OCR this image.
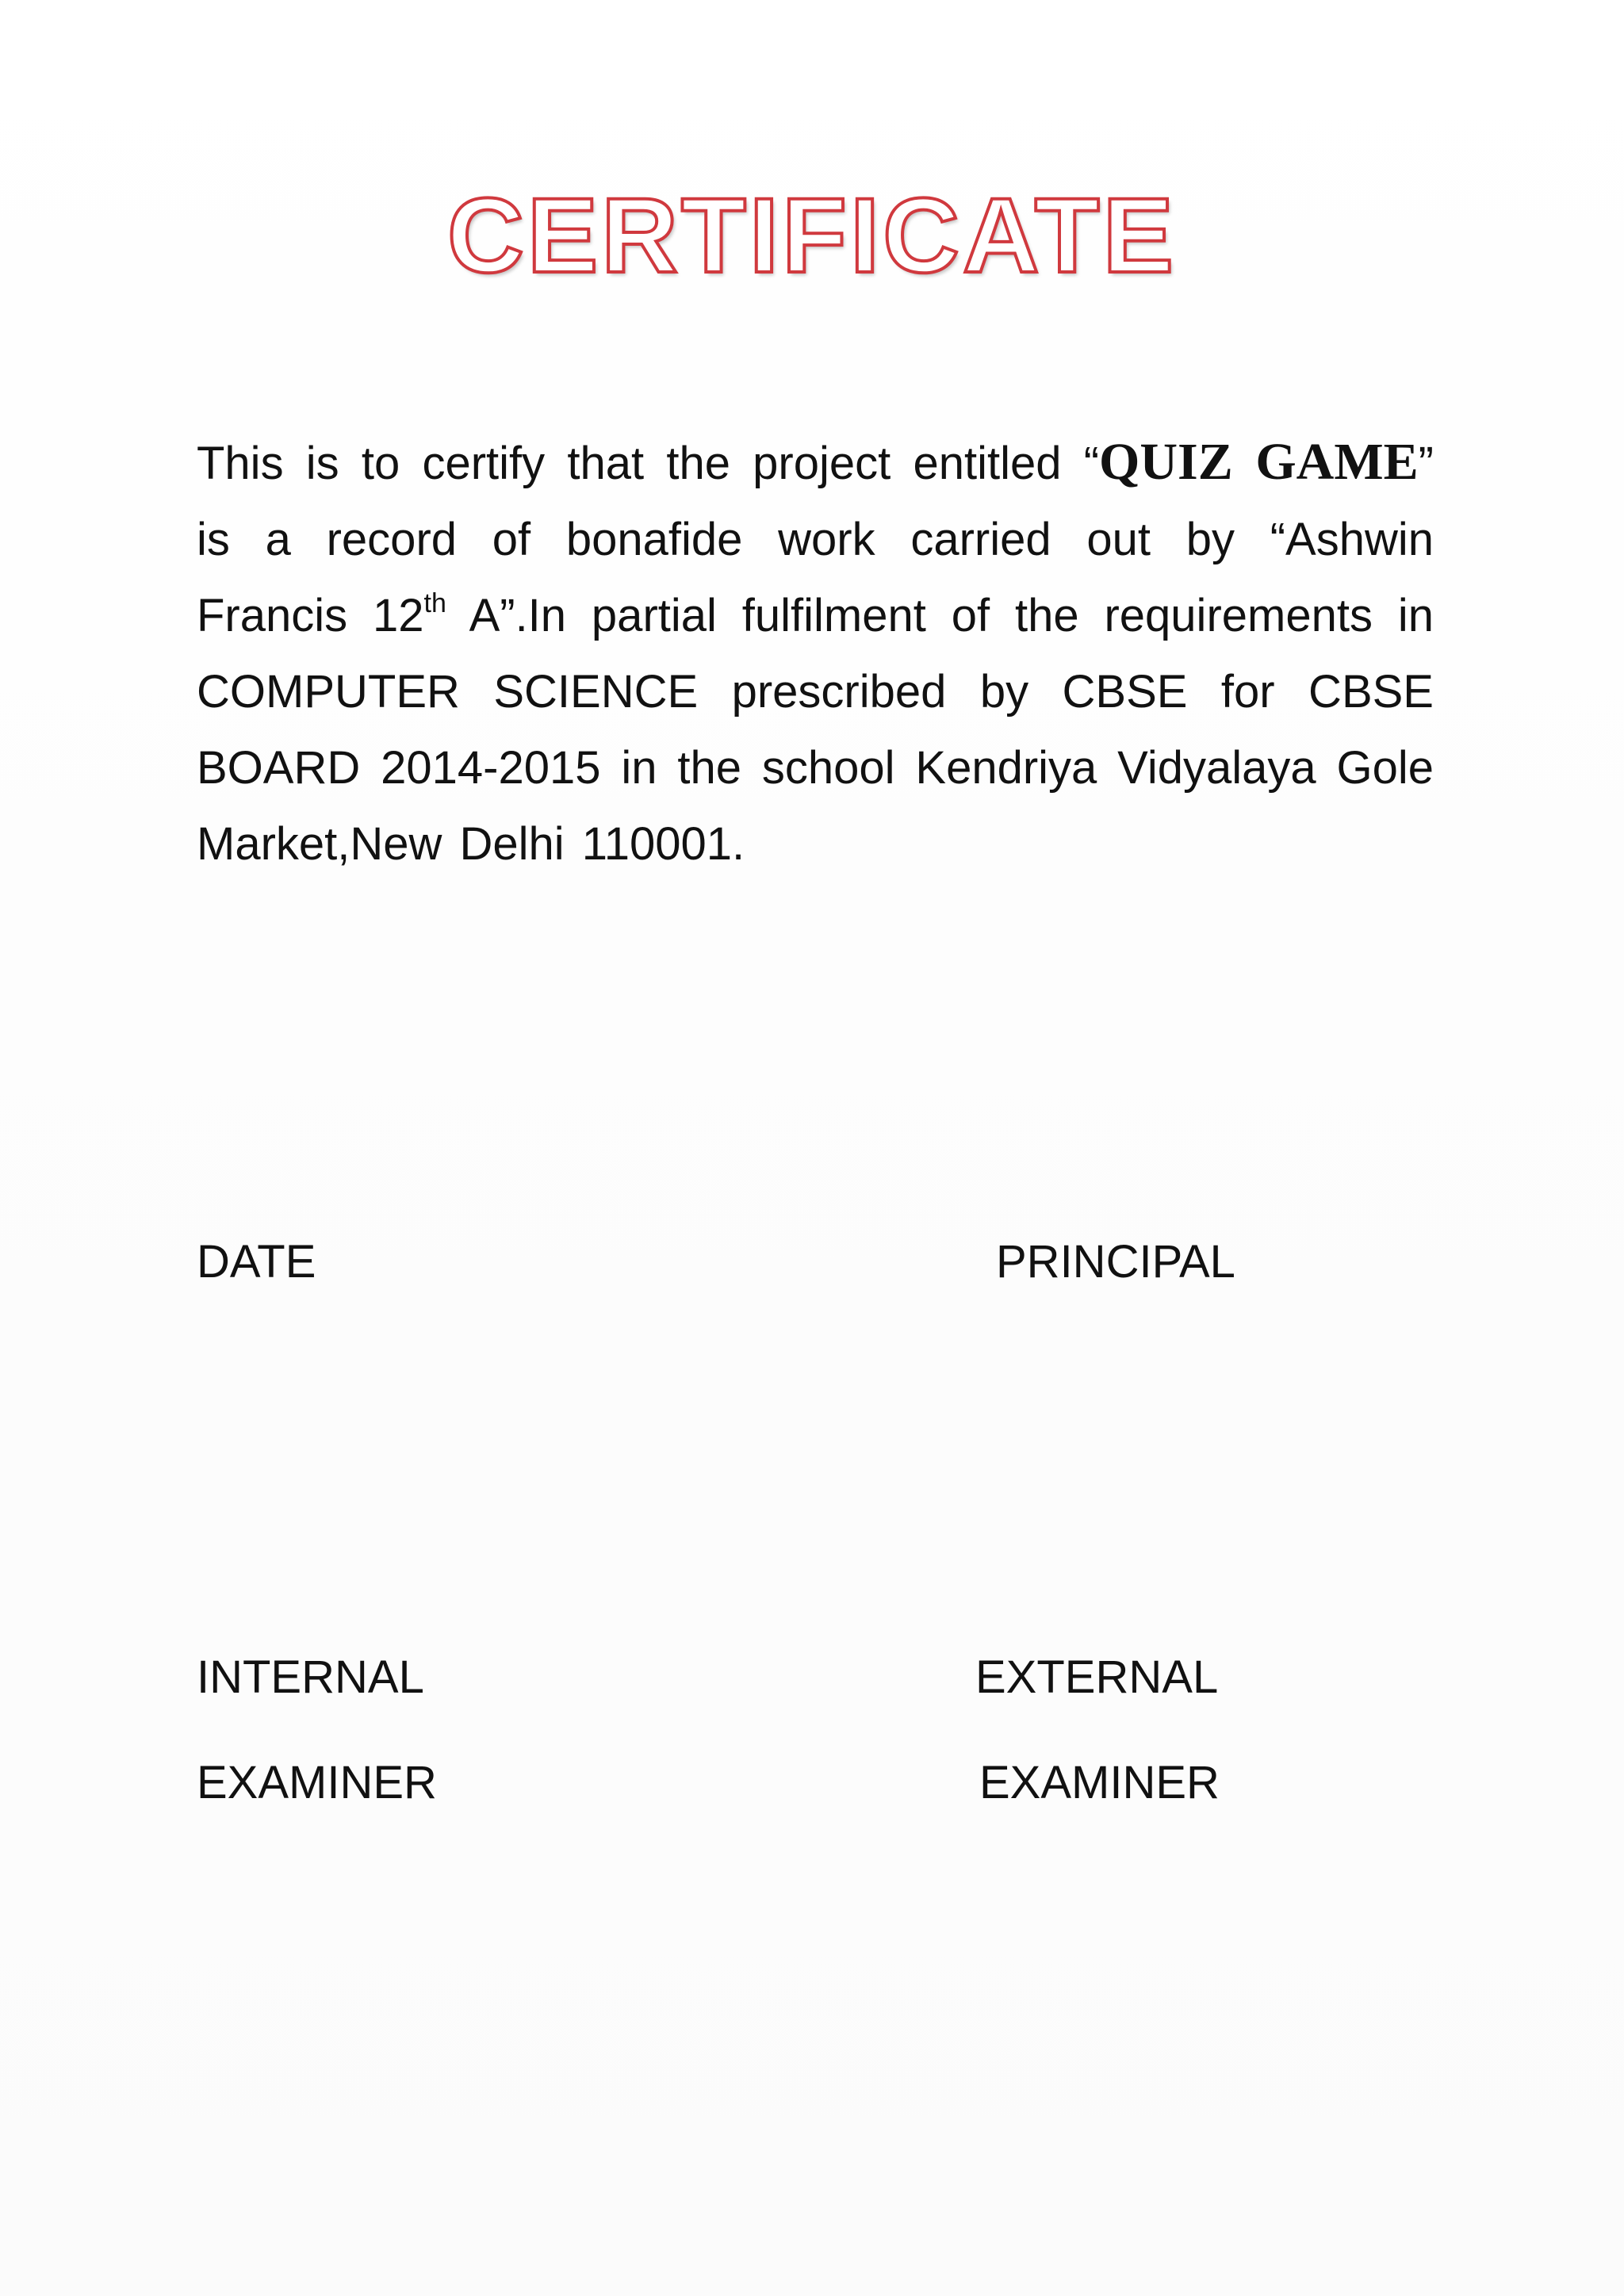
CERTIFICATE
This is to certify that the project entitled “QUIZ GAME” is a record of bonafide work carried out by “Ashwin Francis 12th A”.In partial fulfilment of the requirements in COMPUTER SCIENCE prescribed by CBSE for CBSE BOARD 2014-2015 in the school Kendriya Vidyalaya Gole Market,New Delhi 110001.
DATE	PRINCIPAL
INTERNAL
EXAMINER
EXTERNAL
EXAMINER
